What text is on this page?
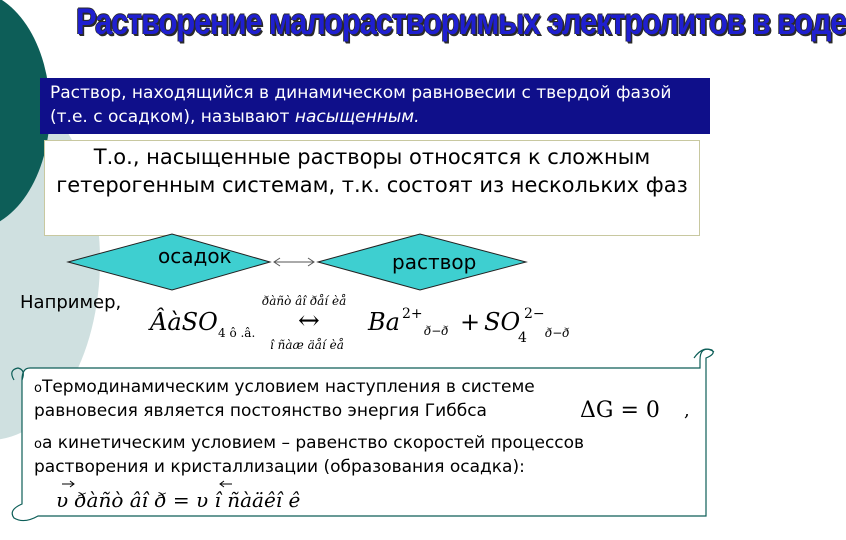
Растворение малорастворимых электролитов в воде
Раствор, находящийся в динамическом равновесии с твердой фазой (т.е. с осадком), называют насыщенным.
Т.о., насыщенные растворы относятся к сложным гетерогенным системам, т.к. состоят из нескольких фаз
осадок	раствор
Например,
ÂàSO 4 ô .â.
ðàñò âî ðåí èå
↔
î ñàæ äåí èå
Ba 2+
ð−ð + SO 2−
4 ð−ð
oТермодинамическим условием наступления в системе
равновесия является постоянство энергия Гиббса	ΔG = 0 ,
oа кинетическим условием – равенство скоростей процессов
растворения и кристаллизации (образования осадка):
υ ðàñò âî ð = υ î ñàäêî ê
